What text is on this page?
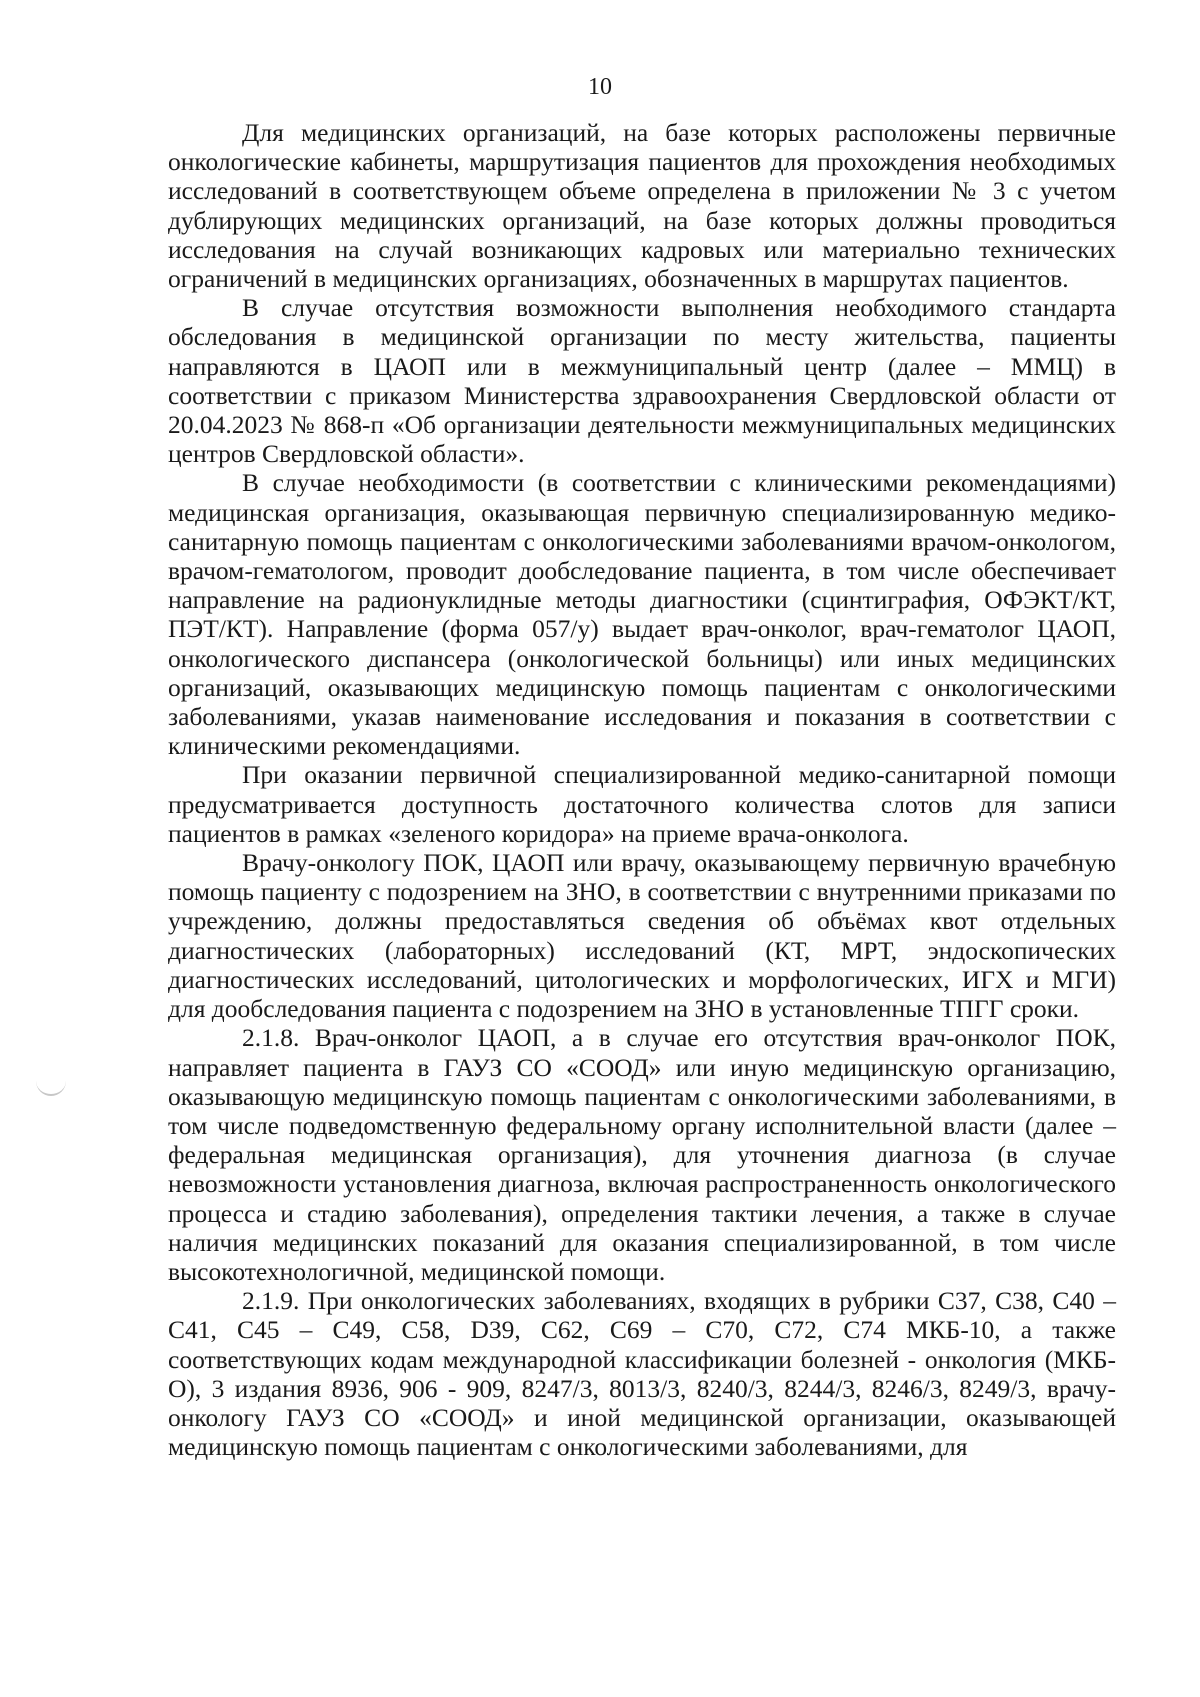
10

Для медицинских организаций, на базе которых расположены первичные онкологические кабинеты, маршрутизация пациентов для прохождения необходимых исследований в соответствующем объеме определена в приложении № 3 с учетом дублирующих медицинских организаций, на базе которых должны проводиться исследования на случай возникающих кадровых или материально технических ограничений в медицинских организациях, обозначенных в маршрутах пациентов.

В случае отсутствия возможности выполнения необходимого стандарта обследования в медицинской организации по месту жительства, пациенты направляются в ЦАОП или в межмуниципальный центр (далее – ММЦ) в соответствии с приказом Министерства здравоохранения Свердловской области от 20.04.2023 № 868-п «Об организации деятельности межмуниципальных медицинских центров Свердловской области».

В случае необходимости (в соответствии с клиническими рекомендациями) медицинская организация, оказывающая первичную специализированную медико-санитарную помощь пациентам с онкологическими заболеваниями врачом-онкологом, врачом-гематологом, проводит дообследование пациента, в том числе обеспечивает направление на радионуклидные методы диагностики (сцинтиграфия, ОФЭКТ/КТ, ПЭТ/КТ). Направление (форма 057/у) выдает врач-онколог, врач-гематолог ЦАОП, онкологического диспансера (онкологической больницы) или иных медицинских организаций, оказывающих медицинскую помощь пациентам с онкологическими заболеваниями, указав наименование исследования и показания в соответствии с клиническими рекомендациями.

При оказании первичной специализированной медико-санитарной помощи предусматривается доступность достаточного количества слотов для записи пациентов в рамках «зеленого коридора» на приеме врача-онколога.

Врачу-онкологу ПОК, ЦАОП или врачу, оказывающему первичную врачебную помощь пациенту с подозрением на ЗНО, в соответствии с внутренними приказами по учреждению, должны предоставляться сведения об объёмах квот отдельных диагностических (лабораторных) исследований (КТ, МРТ, эндоскопических диагностических исследований, цитологических и морфологических, ИГХ и МГИ) для дообследования пациента с подозрением на ЗНО в установленные ТПГГ сроки.

2.1.8. Врач-онколог ЦАОП, а в случае его отсутствия врач-онколог ПОК, направляет пациента в ГАУЗ СО «СООД» или иную медицинскую организацию, оказывающую медицинскую помощь пациентам с онкологическими заболеваниями, в том числе подведомственную федеральному органу исполнительной власти (далее – федеральная медицинская организация), для уточнения диагноза (в случае невозможности установления диагноза, включая распространенность онкологического процесса и стадию заболевания), определения тактики лечения, а также в случае наличия медицинских показаний для оказания специализированной, в том числе высокотехнологичной, медицинской помощи.

2.1.9. При онкологических заболеваниях, входящих в рубрики С37, С38, С40 – С41, С45 – С49, С58, D39, С62, С69 – С70, С72, С74 МКБ-10, а также соответствующих кодам международной классификации болезней - онкология (МКБ-О), 3 издания 8936, 906 - 909, 8247/3, 8013/3, 8240/3, 8244/3, 8246/3, 8249/3, врачу-онкологу ГАУЗ СО «СООД» и иной медицинской организации, оказывающей медицинскую помощь пациентам с онкологическими заболеваниями, для
